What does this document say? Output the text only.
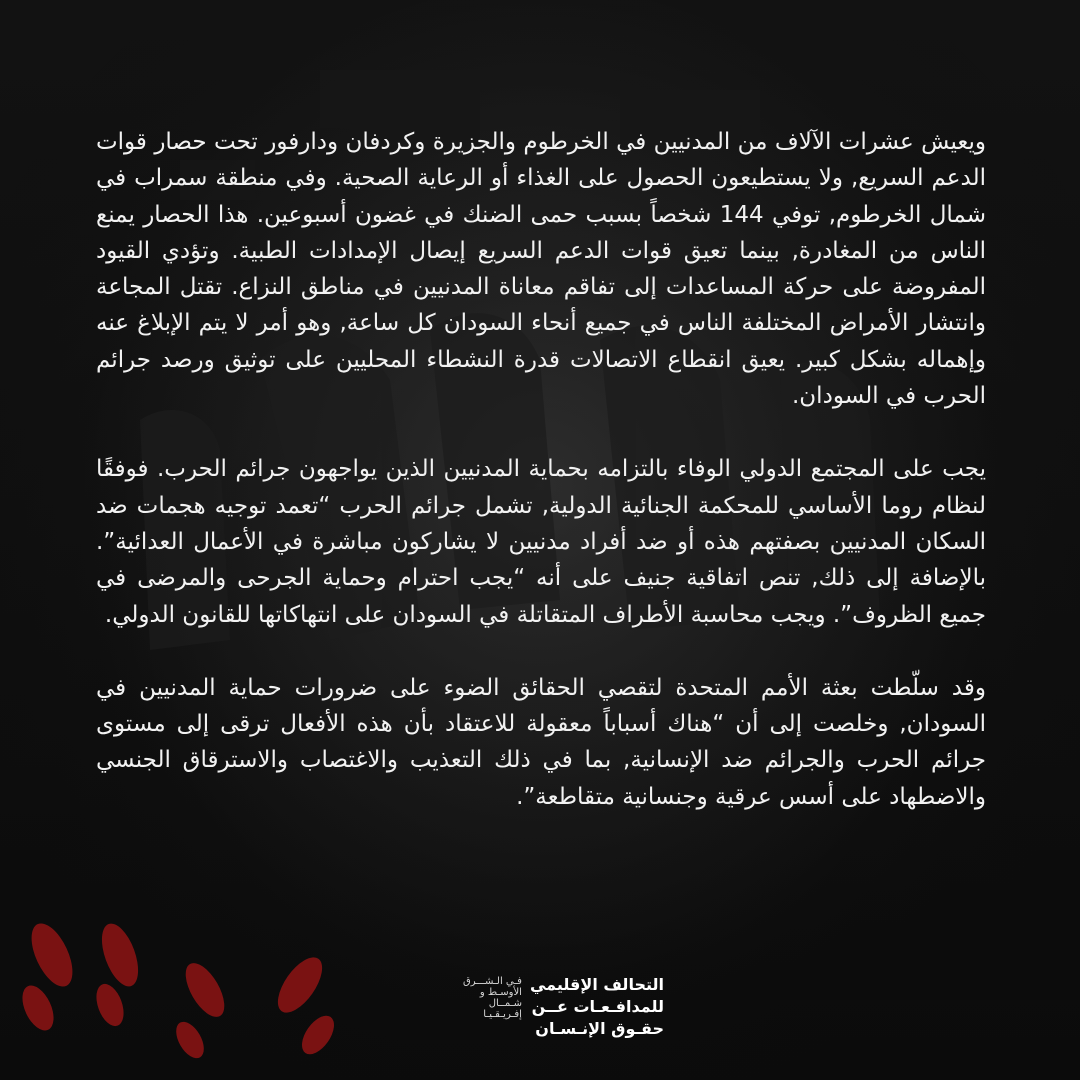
ويعيش عشرات الآلاف من المدنيين في الخرطوم والجزيرة وكردفان ودارفور تحت حصار قوات الدعم السريع, ولا يستطيعون الحصول على الغذاء أو الرعاية الصحية. وفي منطقة سمراب في شمال الخرطوم, توفي 144 شخصاً بسبب حمى الضنك في غضون أسبوعين. هذا الحصار يمنع الناس من المغادرة, بينما تعيق قوات الدعم السريع إيصال الإمدادات الطبية. وتؤدي القيود المفروضة على حركة المساعدات إلى تفاقم معاناة المدنيين في مناطق النزاع. تقتل المجاعة وانتشار الأمراض المختلفة الناس في جميع أنحاء السودان كل ساعة, وهو أمر لا يتم الإبلاغ عنه وإهماله بشكل كبير. يعيق انقطاع الاتصالات قدرة النشطاء المحليين على توثيق ورصد جرائم الحرب في السودان.

يجب على المجتمع الدولي الوفاء بالتزامه بحماية المدنيين الذين يواجهون جرائم الحرب. فوفقًا لنظام روما الأساسي للمحكمة الجنائية الدولية, تشمل جرائم الحرب “تعمد توجيه هجمات ضد السكان المدنيين بصفتهم هذه أو ضد أفراد مدنيين لا يشاركون مباشرة في الأعمال العدائية”. بالإضافة إلى ذلك, تنص اتفاقية جنيف على أنه “يجب احترام وحماية الجرحى والمرضى في جميع الظروف”. ويجب محاسبة الأطراف المتقاتلة في السودان على انتهاكاتها للقانون الدولي.

وقد سلّطت بعثة الأمم المتحدة لتقصي الحقائق الضوء على ضرورات حماية المدنيين في السودان, وخلصت إلى أن “هناك أسباباً معقولة للاعتقاد بأن هذه الأفعال ترقى إلى مستوى جرائم الحرب والجرائم ضد الإنسانية, بما في ذلك التعذيب والاغتصاب والاسترقاق الجنسي والاضطهاد على أسس عرقية وجنسانية متقاطعة”.

التحالف الإقليمي
للمدافـعـات عــن
حقـوق الإنـسـان
فـي الـشـــرق
الأوسـط و
شـمــال
إفـريـقـيـا
